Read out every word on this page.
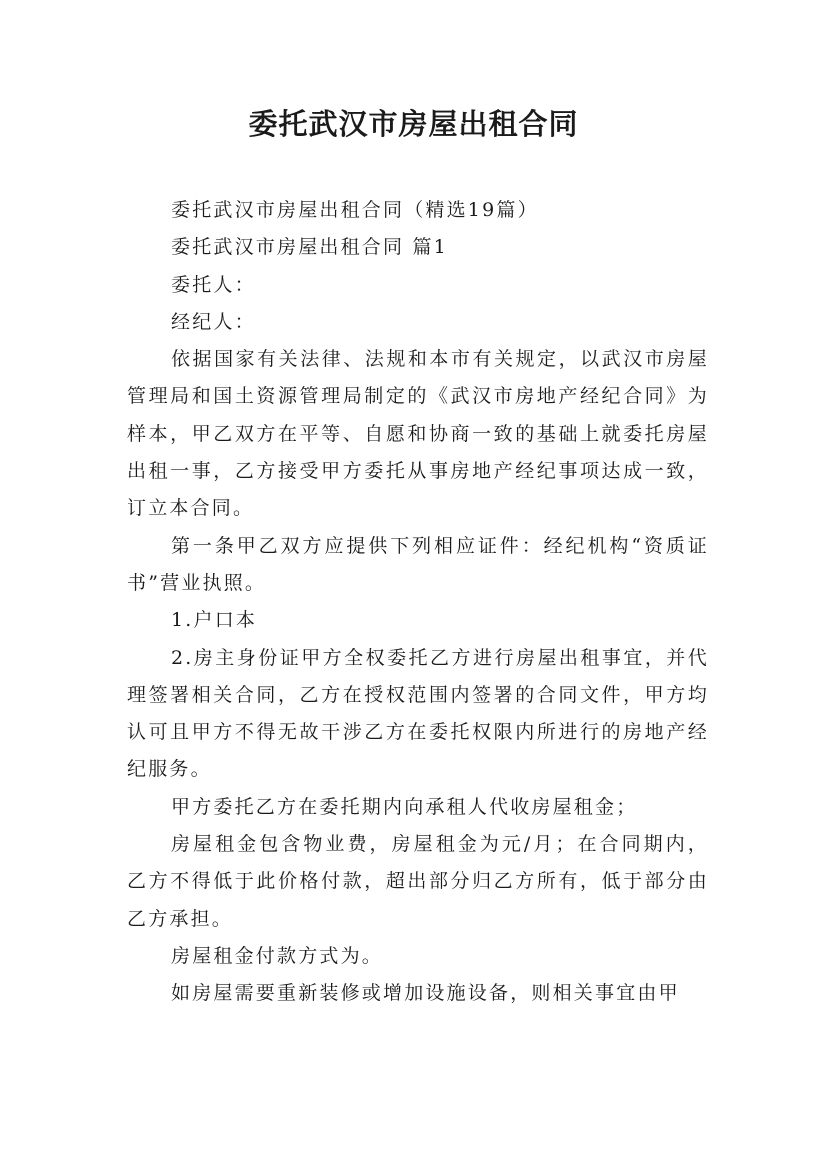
委托武汉市房屋出租合同

委托武汉市房屋出租合同（精选19篇）

委托武汉市房屋出租合同 篇1

委托人：

经纪人：

依据国家有关法律、法规和本市有关规定，以武汉市房屋管理局和国土资源管理局制定的《武汉市房地产经纪合同》为样本，甲乙双方在平等、自愿和协商一致的基础上就委托房屋出租一事，乙方接受甲方委托从事房地产经纪事项达成一致，订立本合同。

第一条甲乙双方应提供下列相应证件：经纪机构“资质证书”营业执照。

1.户口本

2.房主身份证甲方全权委托乙方进行房屋出租事宜，并代理签署相关合同，乙方在授权范围内签署的合同文件，甲方均认可且甲方不得无故干涉乙方在委托权限内所进行的房地产经纪服务。

甲方委托乙方在委托期内向承租人代收房屋租金；

房屋租金包含物业费，房屋租金为元/月；在合同期内，乙方不得低于此价格付款，超出部分归乙方所有，低于部分由乙方承担。

房屋租金付款方式为。

如房屋需要重新装修或增加设施设备，则相关事宜由甲
